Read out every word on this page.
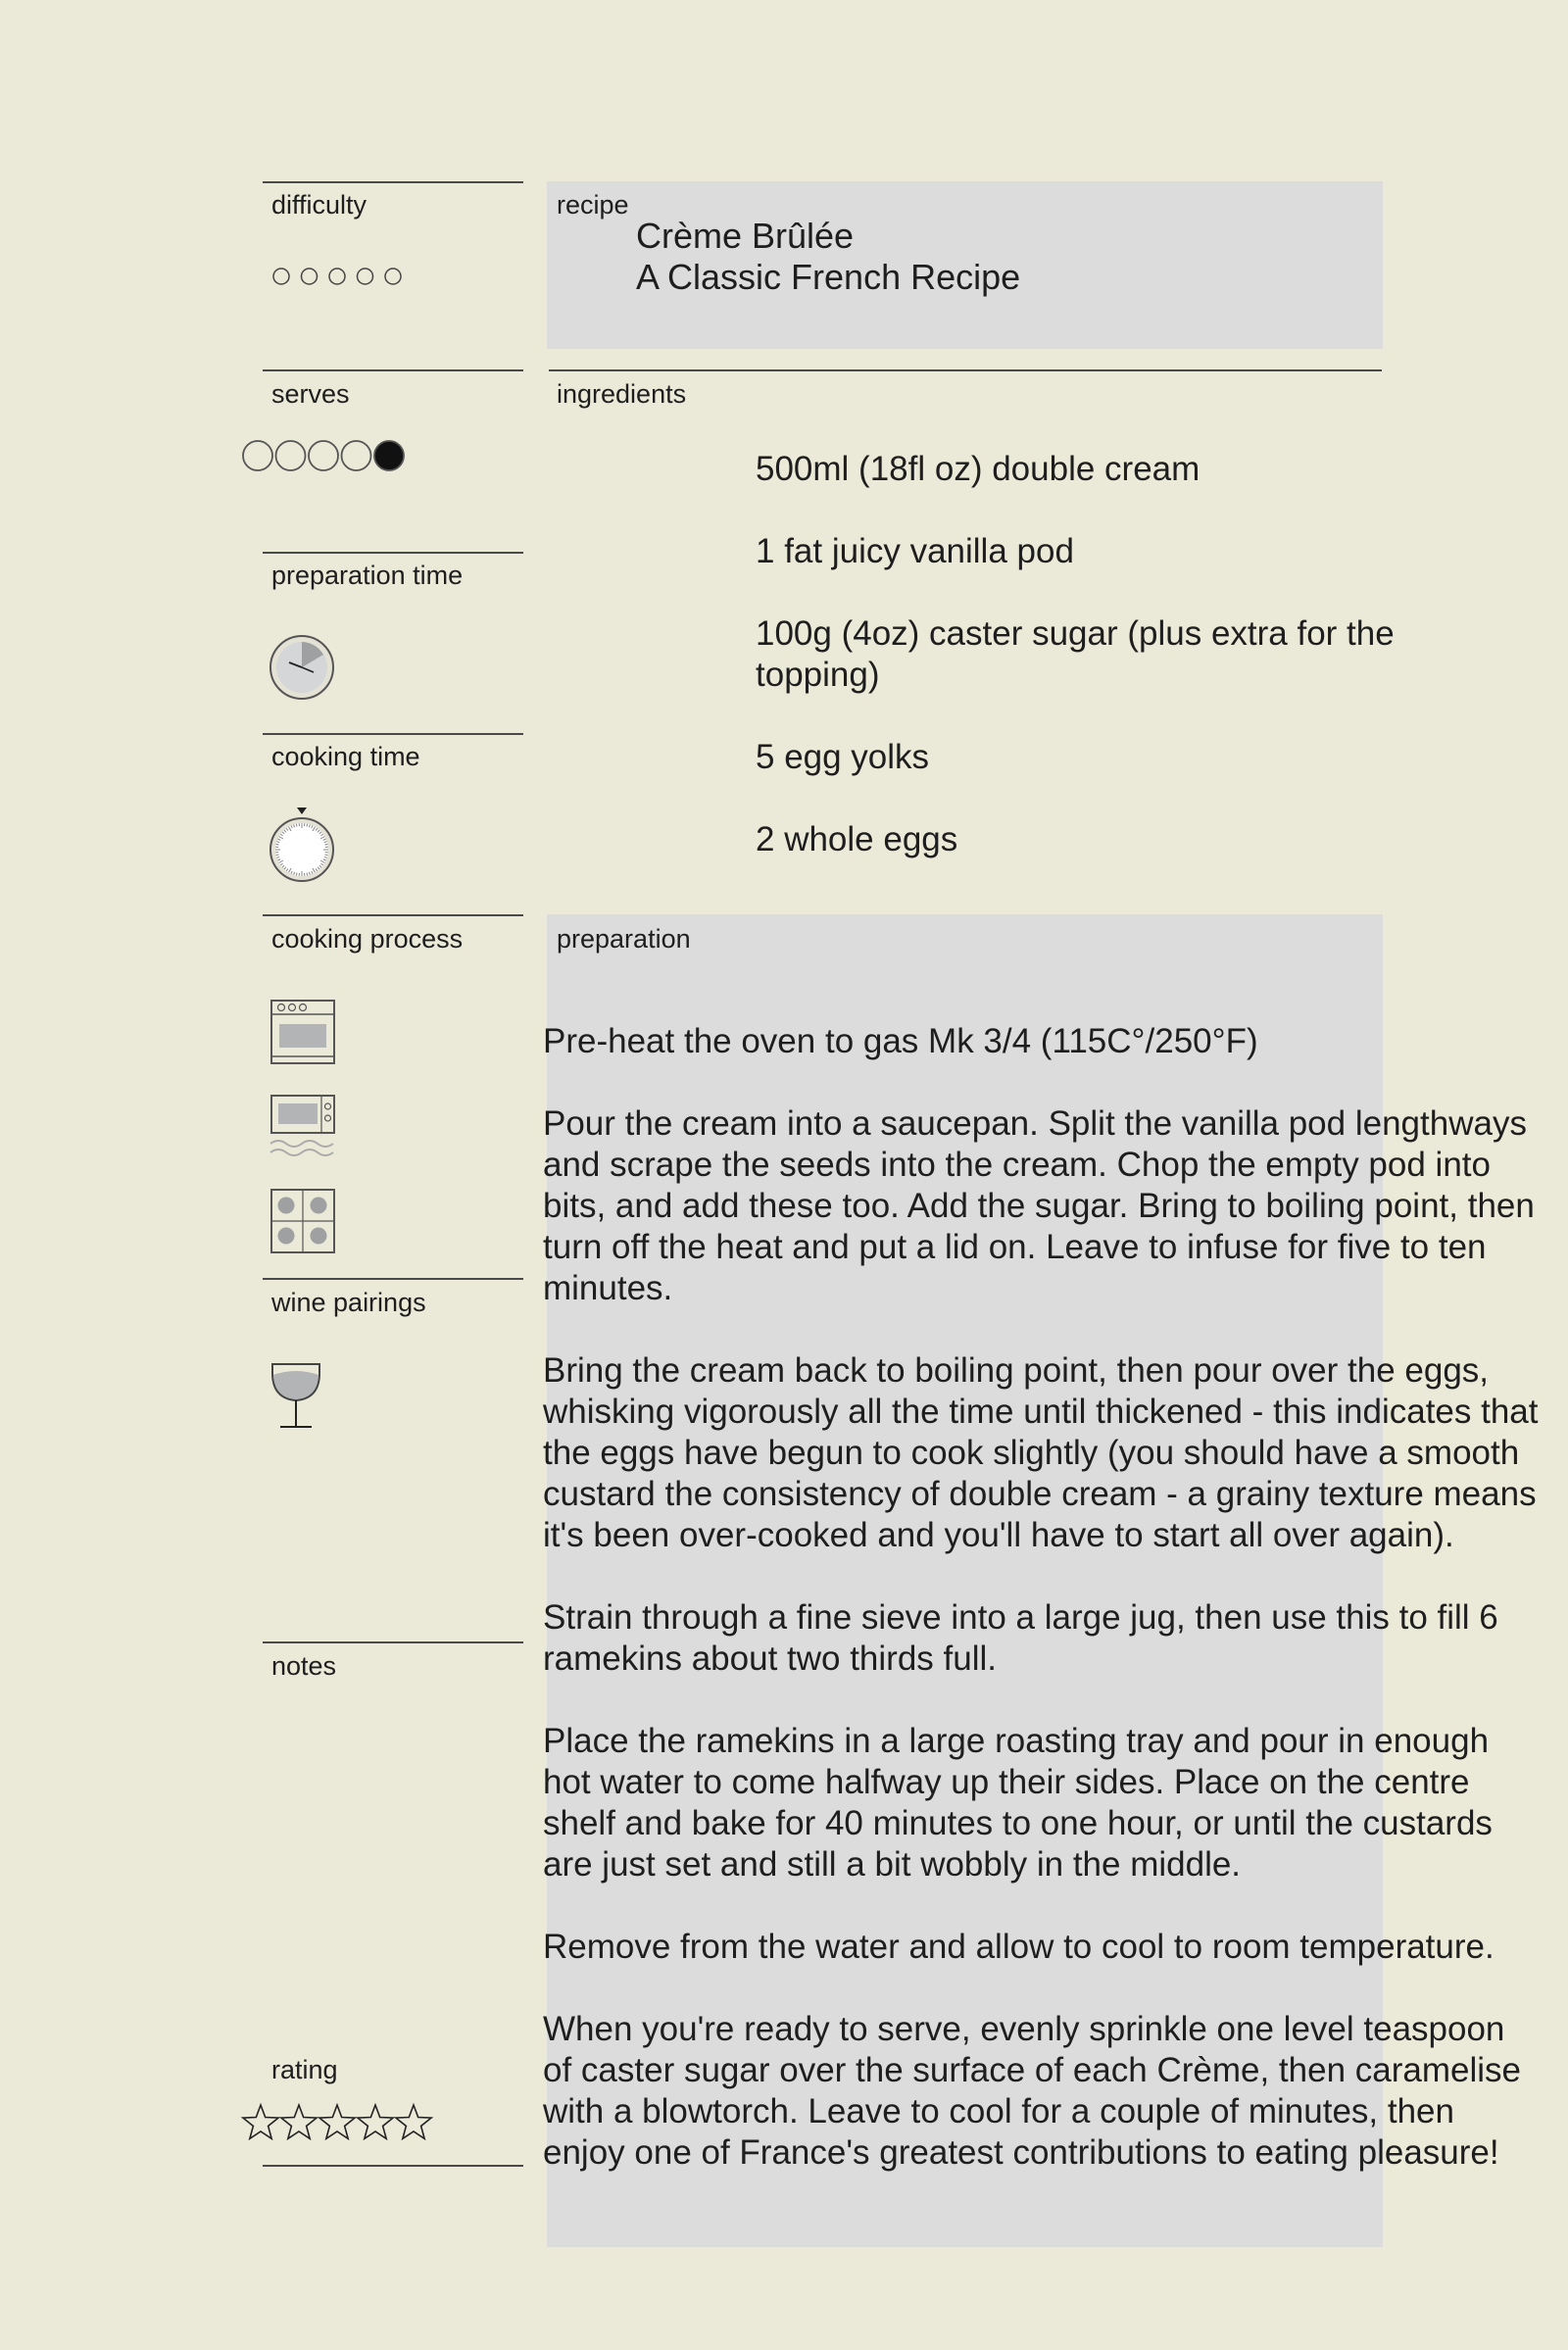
difficulty
serves
preparation time
cooking time
cooking process
wine pairings
notes
rating
recipe
ingredients
preparation
Crème Brûlée
A Classic French Recipe
500ml (18fl oz) double cream
1 fat juicy vanilla pod
100g (4oz) caster sugar (plus extra for the topping)
5 egg yolks
2 whole eggs

Pre-heat the oven to gas Mk 3/4 (115C°/250°F)

Pour the cream into a saucepan. Split the vanilla pod lengthways and scrape the seeds into the cream. Chop the empty pod into bits, and add these too. Add the sugar. Bring to boiling point, then turn off the heat and put a lid on. Leave to infuse for five to ten minutes.

Bring the cream back to boiling point, then pour over the eggs, whisking vigorously all the time until thickened - this indicates that the eggs have begun to cook slightly (you should have a smooth custard the consistency of double cream - a grainy texture means it's been over-cooked and you'll have to start all over again).

Strain through a fine sieve into a large jug, then use this to fill 6 ramekins about two thirds full.

Place the ramekins in a large roasting tray and pour in enough hot water to come halfway up their sides. Place on the centre shelf and bake for 40 minutes to one hour, or until the custards are just set and still a bit wobbly in the middle.

Remove from the water and allow to cool to room temperature.

When you're ready to serve, evenly sprinkle one level teaspoon of caster sugar over the surface of each Crème, then caramelise with a blowtorch. Leave to cool for a couple of minutes, then enjoy one of France's greatest contributions to eating pleasure!
